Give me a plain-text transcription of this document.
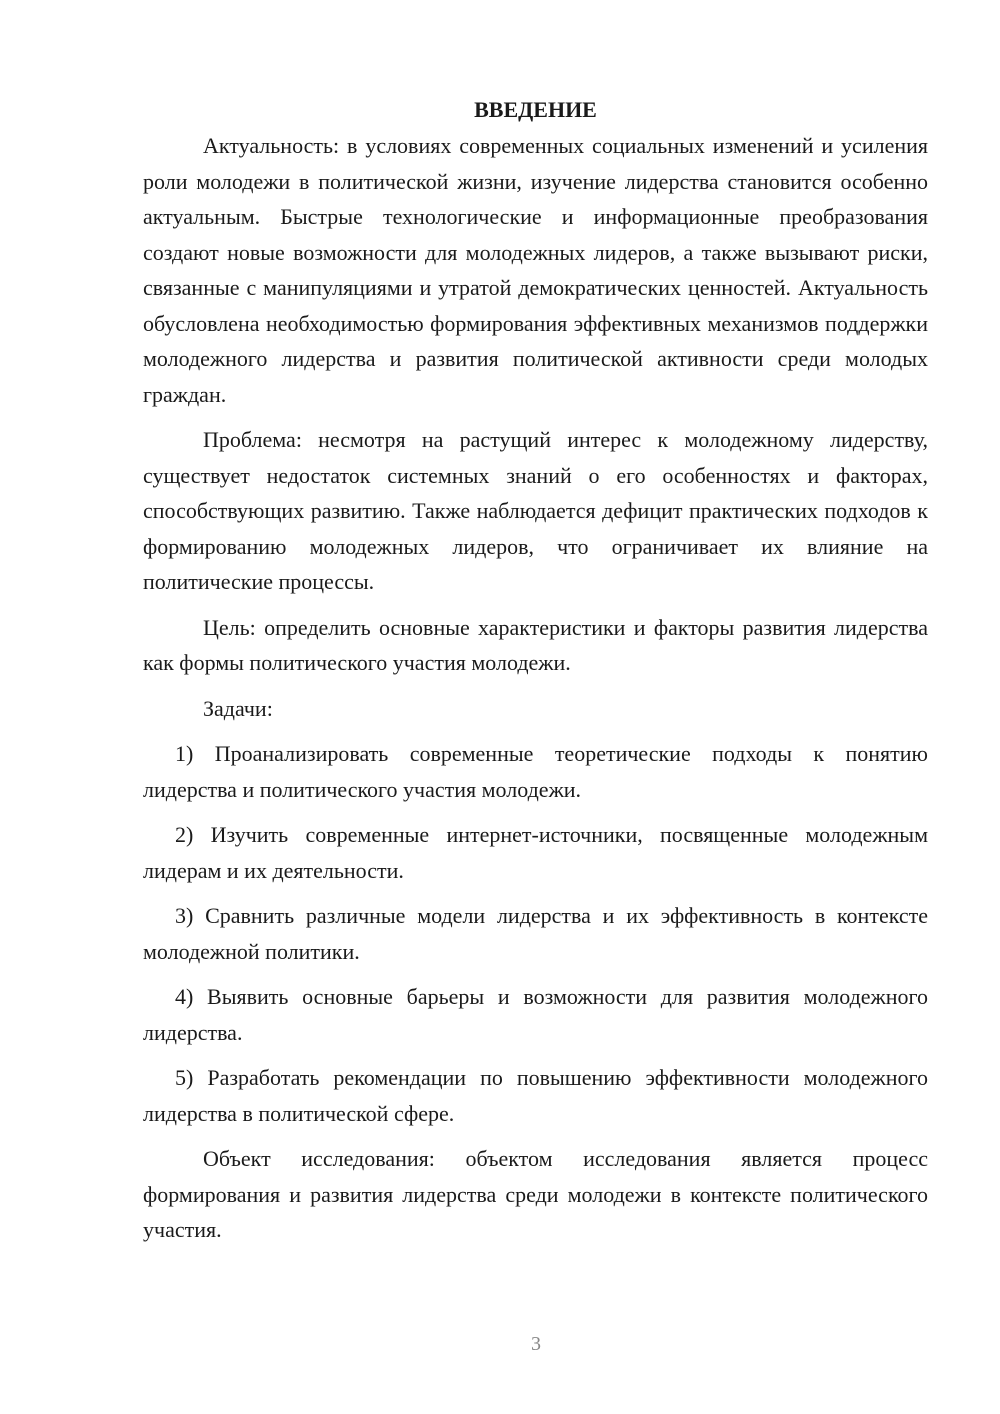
ВВЕДЕНИЕ

Актуальность: в условиях современных социальных изменений и усиления роли молодежи в политической жизни, изучение лидерства становится особенно актуальным. Быстрые технологические и информационные преобразования создают новые возможности для молодежных лидеров, а также вызывают риски, связанные с манипуляциями и утратой демократических ценностей. Актуальность обусловлена необходимостью формирования эффективных механизмов поддержки молодежного лидерства и развития политической активности среди молодых граждан.

Проблема: несмотря на растущий интерес к молодежному лидерству, существует недостаток системных знаний о его особенностях и факторах, способствующих развитию. Также наблюдается дефицит практических подходов к формированию молодежных лидеров, что ограничивает их влияние на политические процессы.

Цель: определить основные характеристики и факторы развития лидерства как формы политического участия молодежи.

Задачи:

1) Проанализировать современные теоретические подходы к понятию лидерства и политического участия молодежи.

2) Изучить современные интернет-источники, посвященные молодежным лидерам и их деятельности.

3) Сравнить различные модели лидерства и их эффективность в контексте молодежной политики.

4) Выявить основные барьеры и возможности для развития молодежного лидерства.

5) Разработать рекомендации по повышению эффективности молодежного лидерства в политической сфере.

Объект исследования: объектом исследования является процесс формирования и развития лидерства среди молодежи в контексте политического участия.

3
